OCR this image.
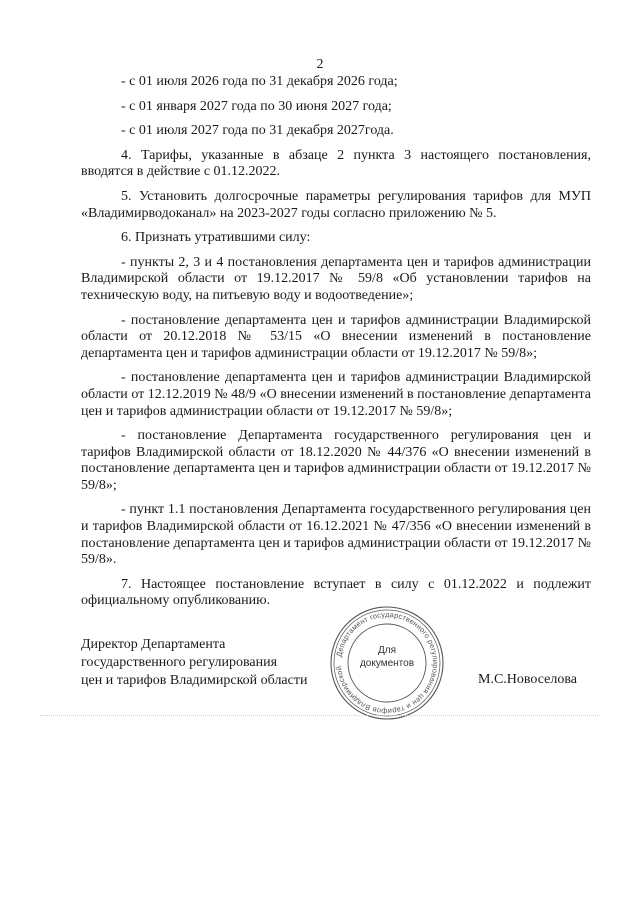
2

- с 01 июля 2026 года по 31 декабря 2026 года;

- с 01 января 2027 года по 30 июня 2027 года;

- с 01 июля 2027 года по 31 декабря 2027года.

4. Тарифы, указанные в абзаце 2 пункта 3 настоящего постановления, вводятся в действие с 01.12.2022.

5. Установить долгосрочные параметры регулирования тарифов для МУП «Владимирводоканал» на 2023-2027 годы согласно приложению № 5.

6. Признать утратившими силу:

- пункты 2, 3 и 4 постановления департамента цен и тарифов администрации Владимирской области от 19.12.2017 № 59/8 «Об установлении тарифов на техническую воду, на питьевую воду и водоотведение»;

- постановление департамента цен и тарифов администрации Владимирской области от 20.12.2018 № 53/15 «О внесении изменений в постановление департамента цен и тарифов администрации области от 19.12.2017 № 59/8»;

- постановление департамента цен и тарифов администрации Владимирской области от 12.12.2019 № 48/9 «О внесении изменений в постановление департамента цен и тарифов администрации области от 19.12.2017 № 59/8»;

- постановление Департамента государственного регулирования цен и тарифов Владимирской области от 18.12.2020 № 44/376 «О внесении изменений в постановление департамента цен и тарифов администрации области от 19.12.2017 № 59/8»;

- пункт 1.1 постановления Департамента государственного регулирования цен и тарифов Владимирской области от 16.12.2021 № 47/356 «О внесении изменений в постановление департамента цен и тарифов администрации области от 19.12.2017 № 59/8».

7. Настоящее постановление вступает в силу с 01.12.2022 и подлежит официальному опубликованию.

Директор Департамента
государственного регулирования
цен и тарифов Владимирской области
Департамент государственного регулирования цен и тарифов Владимирской
Для
документов
М.С.Новоселова
